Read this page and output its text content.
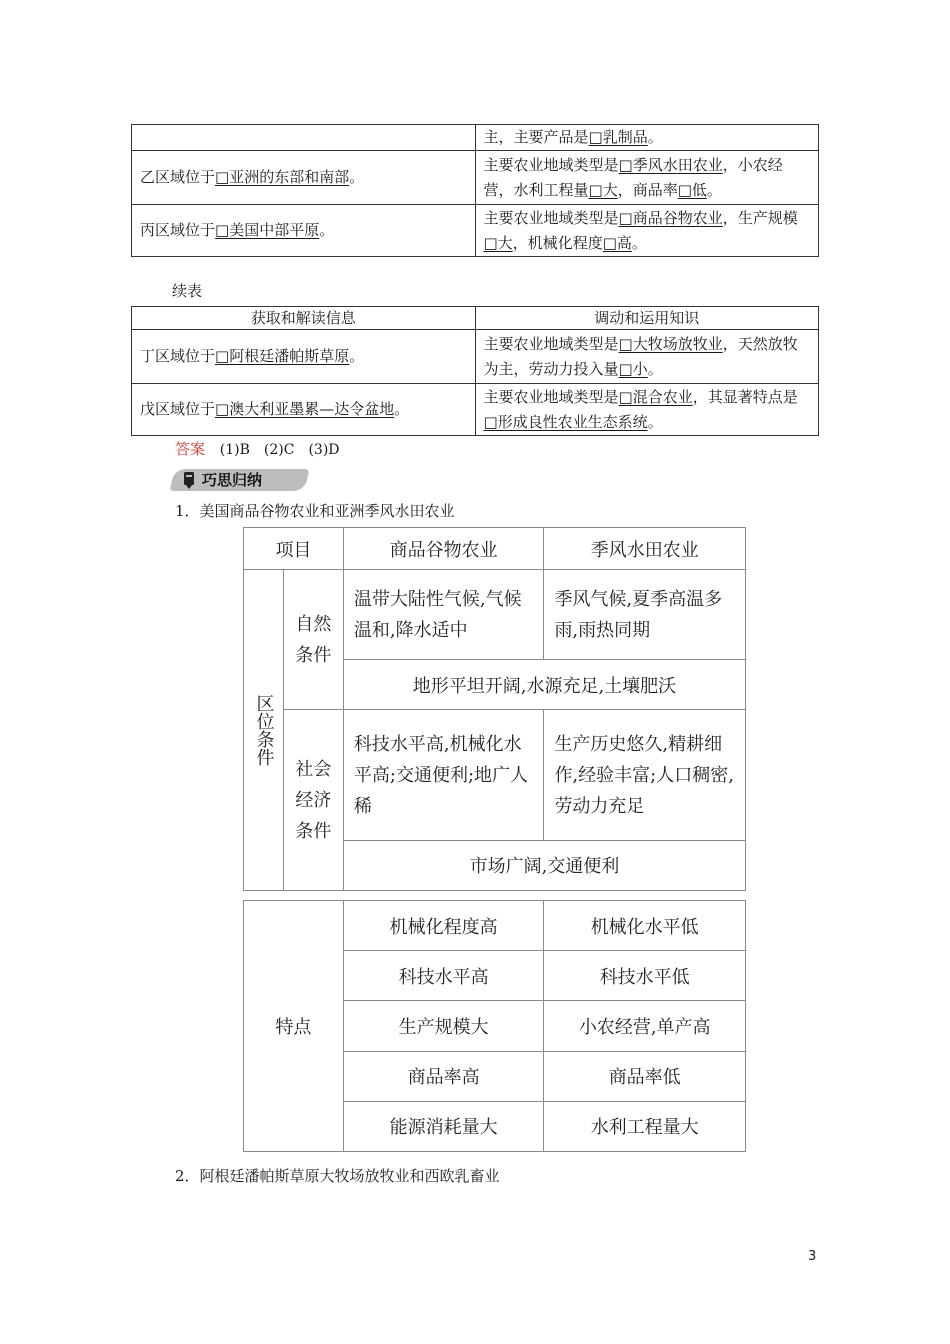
	主，主要产品是□乳制品。
乙区域位于□亚洲的东部和南部。	主要农业地域类型是□季风水田农业，小农经营，水利工程量□大，商品率□低。
丙区域位于□美国中部平原。	主要农业地域类型是□商品谷物农业，生产规模□大，机械化程度□高。
续表
获取和解读信息	调动和运用知识
丁区域位于□阿根廷潘帕斯草原。	主要农业地域类型是□大牧场放牧业，天然放牧为主，劳动力投入量□小。
戊区域位于□澳大利亚墨累—达令盆地。	主要农业地域类型是□混合农业，其显著特点是□形成良性农业生态系统。
答案 (1)B　(2)C　(3)D
巧思归纳
1．美国商品谷物农业和亚洲季风水田农业
项目		商品谷物农业	季风水田农业

区位条件	自然条件	温带大陆性气候,气候温和,降水适中	季风气候,夏季高温多雨,雨热同期
		地形平坦开阔,水源充足,土壤肥沃	

	社会经济条件	科技水平高,机械化水平高;交通便利;地广人稀	生产历史悠久,精耕细作,经验丰富;人口稠密,劳动力充足
		市场广阔,交通便利	
特点	机械化程度高	机械化水平低
	科技水平高	科技水平低
	生产规模大	小农经营,单产高
	商品率高	商品率低
	能源消耗量大	水利工程量大
2．阿根廷潘帕斯草原大牧场放牧业和西欧乳畜业
3
